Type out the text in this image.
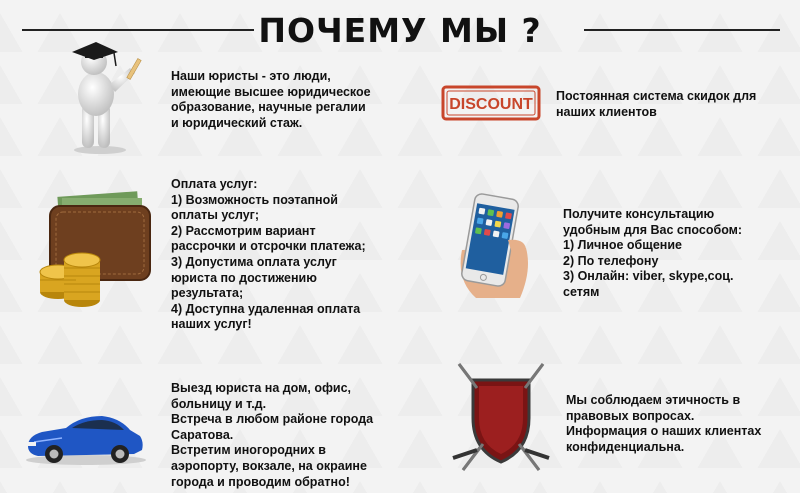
ПОЧЕМУ МЫ ?
Наши юристы - это люди,
имеющие высшее юридическое
образование, научные регалии
и юридический стаж.
DISCOUNT Постоянная система скидок для
наших клиентов
Оплата услуг:
1) Возможность поэтапной
оплаты услуг;
2) Рассмотрим вариант
рассрочки и отсрочки платежа;
3) Допустима оплата услуг
юриста по достижению
результата;
4) Доступна удаленная оплата
наших услуг!
Получите консультацию
удобным для Вас способом:
1) Личное общение
2) По телефону
3) Онлайн: viber, skype,соц.
сетям
Выезд юриста на дом, офис,
больницу и т.д.
Встреча в любом районе города
Саратова.
Встретим иногородних в
аэропорту, вокзале, на окраине
города и проводим обратно!
Мы соблюдаем этичность в
правовых вопросах.
Информация о наших клиентах
конфиденциальна.
